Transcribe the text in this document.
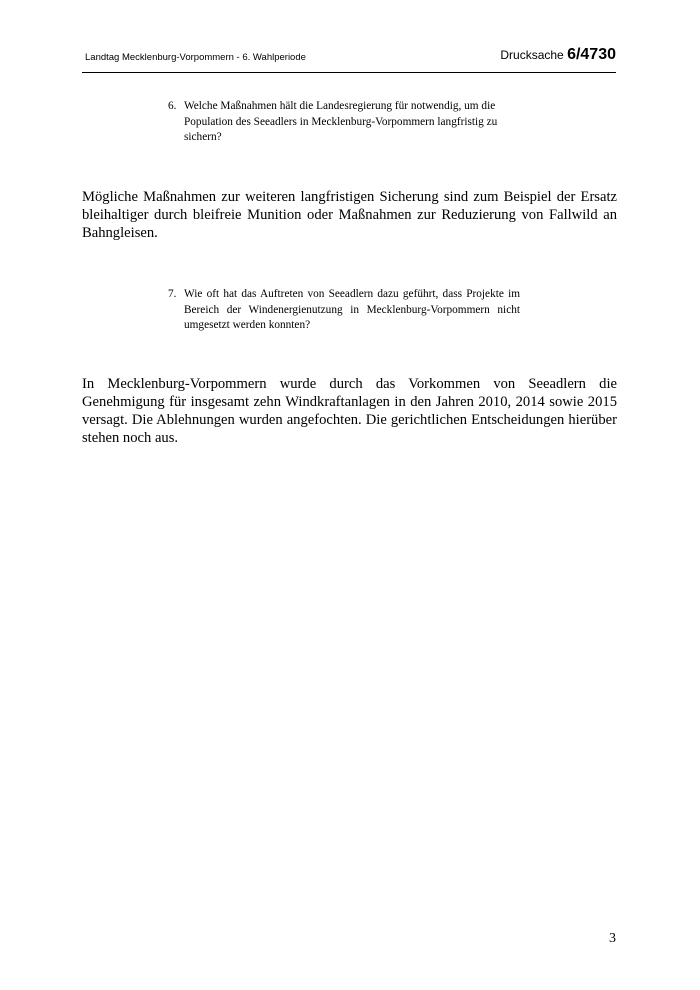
Landtag Mecklenburg-Vorpommern - 6. Wahlperiode	Drucksache 6/4730
6. Welche Maßnahmen hält die Landesregierung für notwendig, um die Population des Seeadlers in Mecklenburg-Vorpommern langfristig zu sichern?
Mögliche Maßnahmen zur weiteren langfristigen Sicherung sind zum Beispiel der Ersatz bleihaltiger durch bleifreie Munition oder Maßnahmen zur Reduzierung von Fallwild an Bahngleisen.
7. Wie oft hat das Auftreten von Seeadlern dazu geführt, dass Projekte im Bereich der Windenergienutzung in Mecklenburg-Vorpommern nicht umgesetzt werden konnten?
In Mecklenburg-Vorpommern wurde durch das Vorkommen von Seeadlern die Genehmigung für insgesamt zehn Windkraftanlagen in den Jahren 2010, 2014 sowie 2015 versagt. Die Ablehnungen wurden angefochten. Die gerichtlichen Entscheidungen hierüber stehen noch aus.
3
